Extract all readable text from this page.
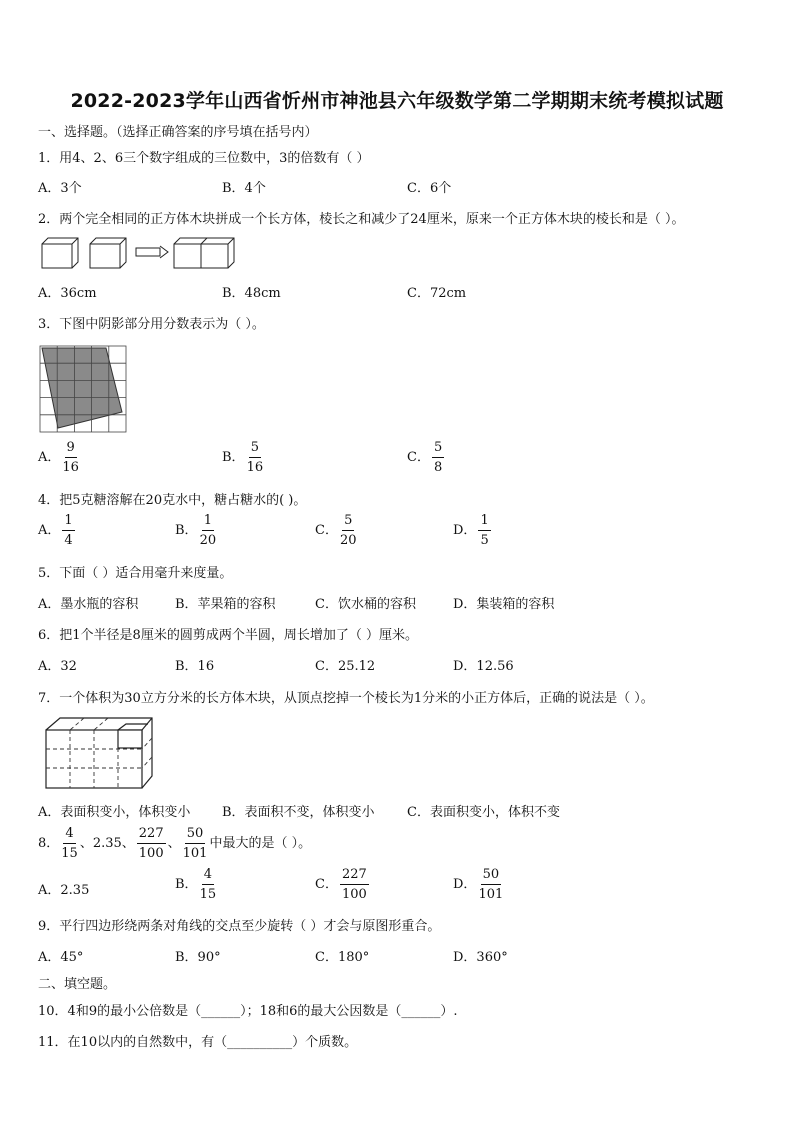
2022-2023学年山西省忻州市神池县六年级数学第二学期期末统考模拟试题
一、选择题。（选择正确答案的序号填在括号内）
1．用4、2、6三个数字组成的三位数中，3的倍数有（ ）
A．3个	B．4个	C．6个
2．两个完全相同的正方体木块拼成一个长方体，棱长之和减少了24厘米，原来一个正方体木块的棱长和是（ ）。
A．36cm	B．48cm	C．72cm
3．下图中阴影部分用分数表示为（ ）。
A． $\frac{9}{16}$	B． $\frac{5}{16}$	C． $\frac{5}{8}$
4．把5克糖溶解在20克水中，糖占糖水的( )。
A． $\frac{1}{4}$	B． $\frac{1}{20}$	C． $\frac{5}{20}$	D． $\frac{1}{5}$
5．下面（ ）适合用毫升来度量。
A．墨水瓶的容积	B．苹果箱的容积	C．饮水桶的容积	D．集装箱的容积
6．把1个半径是8厘米的圆剪成两个半圆，周长增加了（ ）厘米。
A．32	B．16	C．25.12	D．12.56
7．一个体积为30立方分米的长方体木块，从顶点挖掉一个棱长为1分米的小正方体后，正确的说法是（ ）。
A．表面积变小，体积变小 B．表面积不变，体积变小 C．表面积变小，体积不变
8． $\frac{4}{15}$ 、2.35、 $\frac{227}{100}$ 、 $\frac{50}{101}$ 中最大的是（ ）。
A．2.35	B． $\frac{4}{15}$	C． $\frac{227}{100}$	D． $\frac{50}{101}$
9．平行四边形绕两条对角线的交点至少旋转（ ）才会与原图形重合。
A．45°	B．90°	C．180°	D．360°
二、填空题。
10．4和9的最小公倍数是（______）；18和6的最大公因数是（______）.
11．在10以内的自然数中，有（__________）个质数。
